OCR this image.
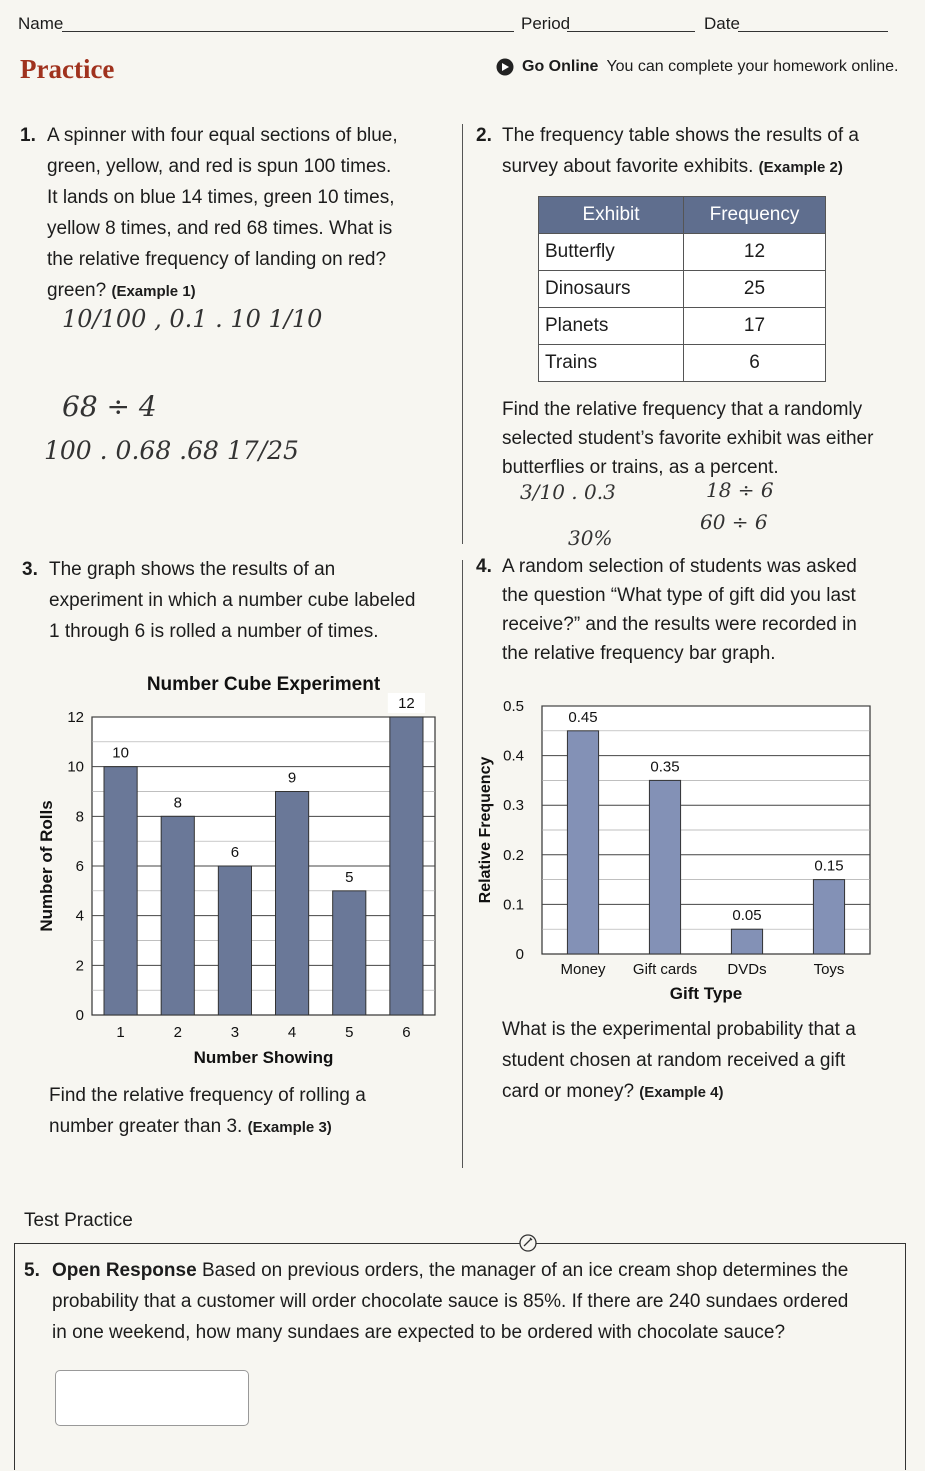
Name	Period	Date
Practice	Go Online You can complete your homework online.
1. A spinner with four equal sections of blue,
green, yellow, and red is spun 100 times.
It lands on blue 14 times, green 10 times,
yellow 8 times, and red 68 times. What is
the relative frequency of landing on red?
green? (Example 1)
10/100 , 0.1 . 10 1/10
68 ÷ 4
100 . 0.68 .68 17/25
2. The frequency table shows the results of a
survey about favorite exhibits. (Example 2)
Exhibit	Frequency
Butterfly	12
Dinosaurs	25
Planets	17
Trains	6
Find the relative frequency that a randomly
selected student’s favorite exhibit was either
butterflies or trains, as a percent.
3/10 . 0.3
30%
18 ÷ 6
60 ÷ 6
3. The graph shows the results of an
experiment in which a number cube labeled
1 through 6 is rolled a number of times.
0
2
4
6
8
10
12
10
1
8
2
6
3
9
4
5
5
12
6
Number Cube Experiment
Number Showing
Number of Rolls
Find the relative frequency of rolling a
number greater than 3. (Example 3)
4. A random selection of students was asked
the question “What type of gift did you last
receive?” and the results were recorded in
the relative frequency bar graph.
0
0.1
0.2
0.3
0.4
0.5
0.45
Money
0.35
Gift cards
0.05
DVDs
0.15
Toys
Gift Type
Relative Frequency
What is the experimental probability that a
student chosen at random received a gift
card or money? (Example 4)
Test Practice
5. Open Response Based on previous orders, the manager of an ice cream shop determines the
probability that a customer will order chocolate sauce is 85%. If there are 240 sundaes ordered
in one weekend, how many sundaes are expected to be ordered with chocolate sauce?
